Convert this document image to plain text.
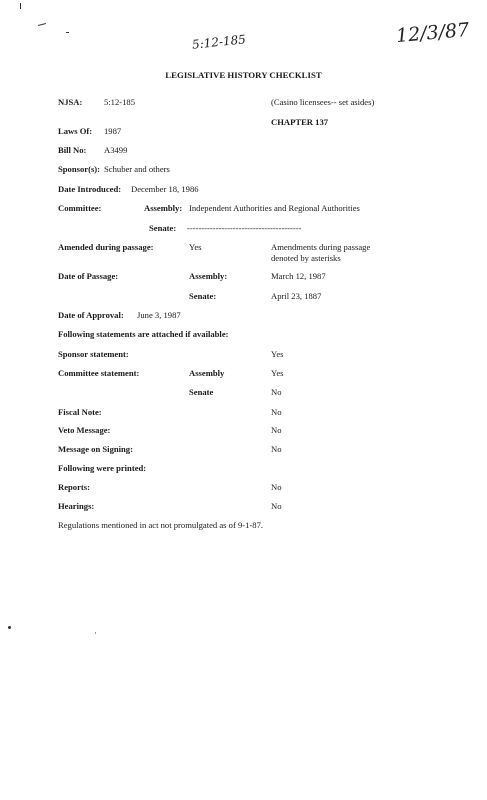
5:12-185	12/3/87
LEGISLATIVE HISTORY CHECKLIST
NJSA:	5:12-185	(Casino licensees-- set asides)
CHAPTER 137
Laws Of: 1987
Bill No: A3499
Sponsor(s): Schuber and others
Date Introduced: December 18, 1986
Committee:	Assembly: Independent Authorities and Regional Authorities
Senate: ----------------------------------------
Amended during passage:	Yes	Amendments during passage
denoted by asterisks
Date of Passage:	Assembly:	March 12, 1987
Senate:	April 23, 1887
Date of Approval: June 3, 1987
Following statements are attached if available:
Sponsor statement:	Yes
Committee statement:	Assembly	Yes
Senate	No
Fiscal Note:	No
Veto Message:	No
Message on Signing:	No
Following were printed:
Reports:	No
Hearings:	No
Regulations mentioned in act not promulgated as of 9-1-87.
